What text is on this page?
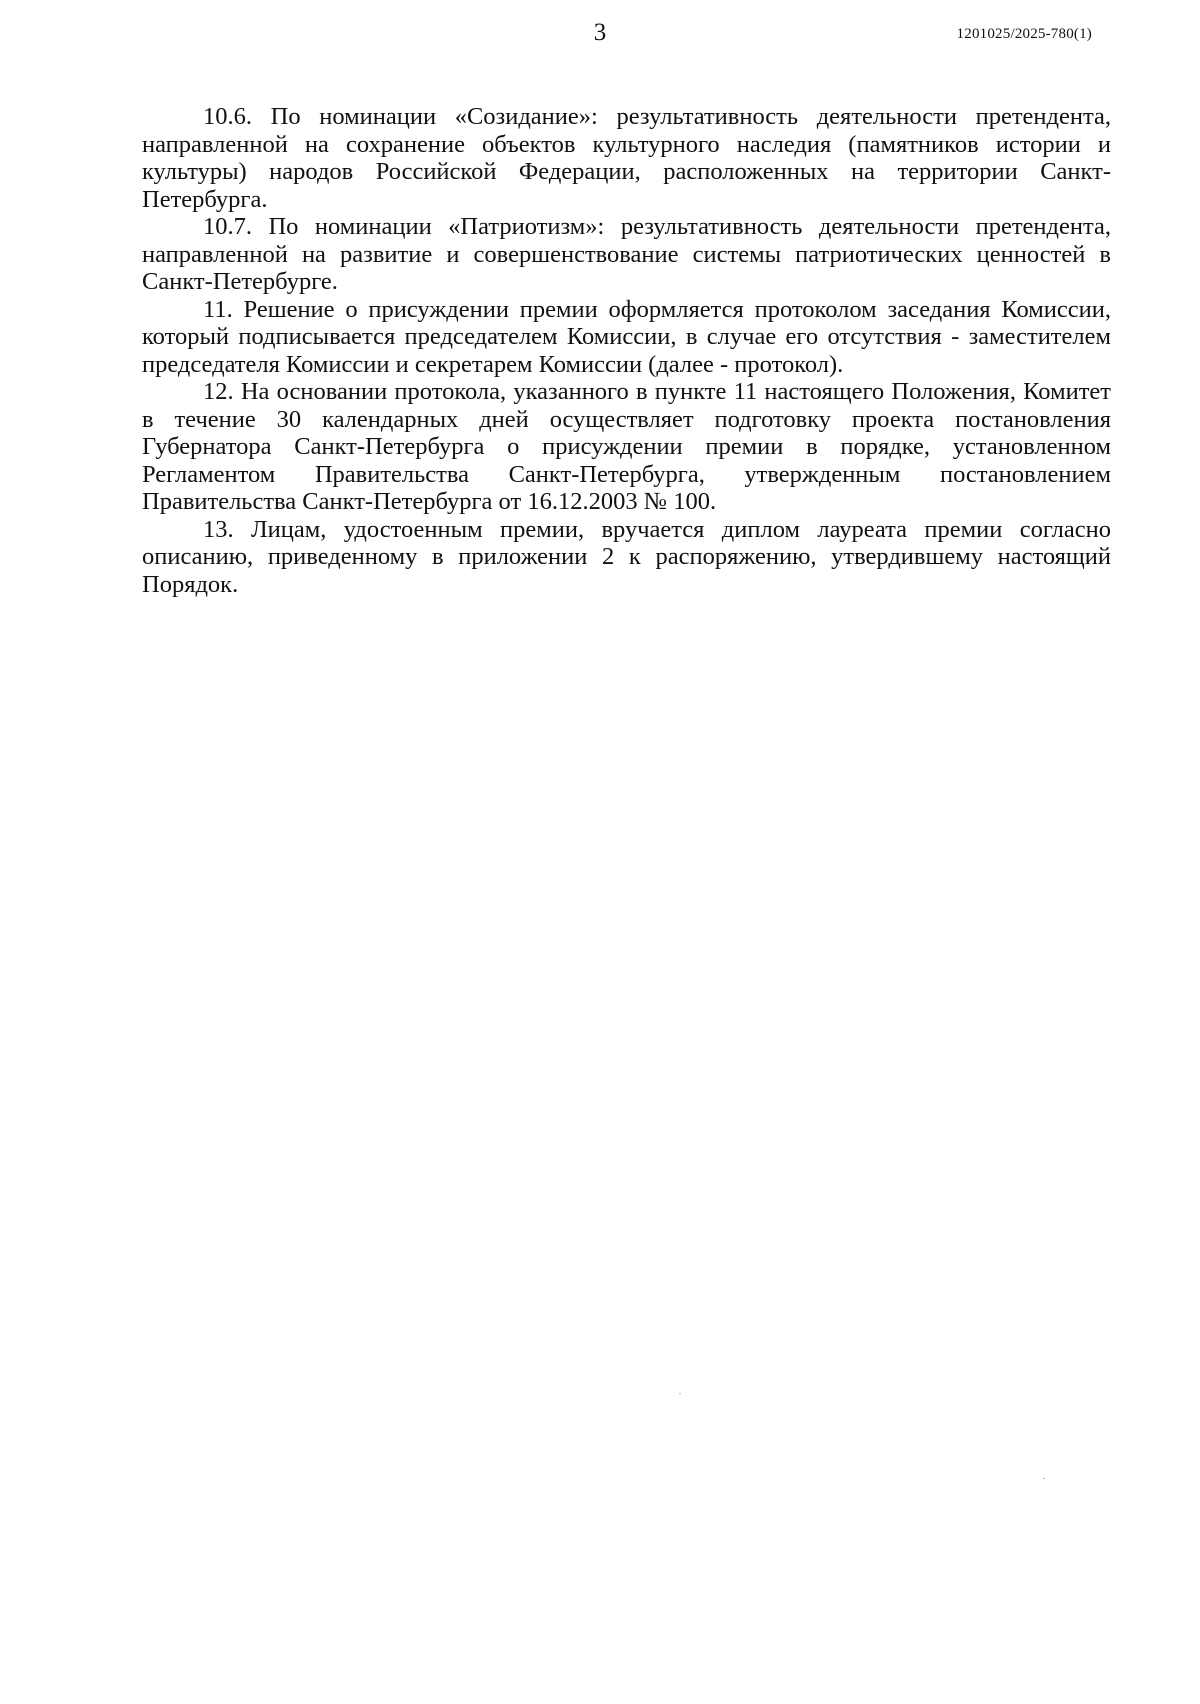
3	1201025/2025-780(1)

10.6. По номинации «Созидание»: результативность деятельности претендента, направленной на сохранение объектов культурного наследия (памятников истории и культуры) народов Российской Федерации, расположенных на территории Санкт-Петербурга.

10.7. По номинации «Патриотизм»: результативность деятельности претендента, направленной на развитие и совершенствование системы патриотических ценностей в Санкт-Петербурге.

11. Решение о присуждении премии оформляется протоколом заседания Комиссии, который подписывается председателем Комиссии, в случае его отсутствия - заместителем председателя Комиссии и секретарем Комиссии (далее - протокол).

12. На основании протокола, указанного в пункте 11 настоящего Положения, Комитет в течение 30 календарных дней осуществляет подготовку проекта постановления Губернатора Санкт-Петербурга о присуждении премии в порядке, установленном Регламентом Правительства Санкт-Петербурга, утвержденным постановлением Правительства Санкт-Петербурга от 16.12.2003 № 100.

13. Лицам, удостоенным премии, вручается диплом лауреата премии согласно описанию, приведенному в приложении 2 к распоряжению, утвердившему настоящий Порядок.
